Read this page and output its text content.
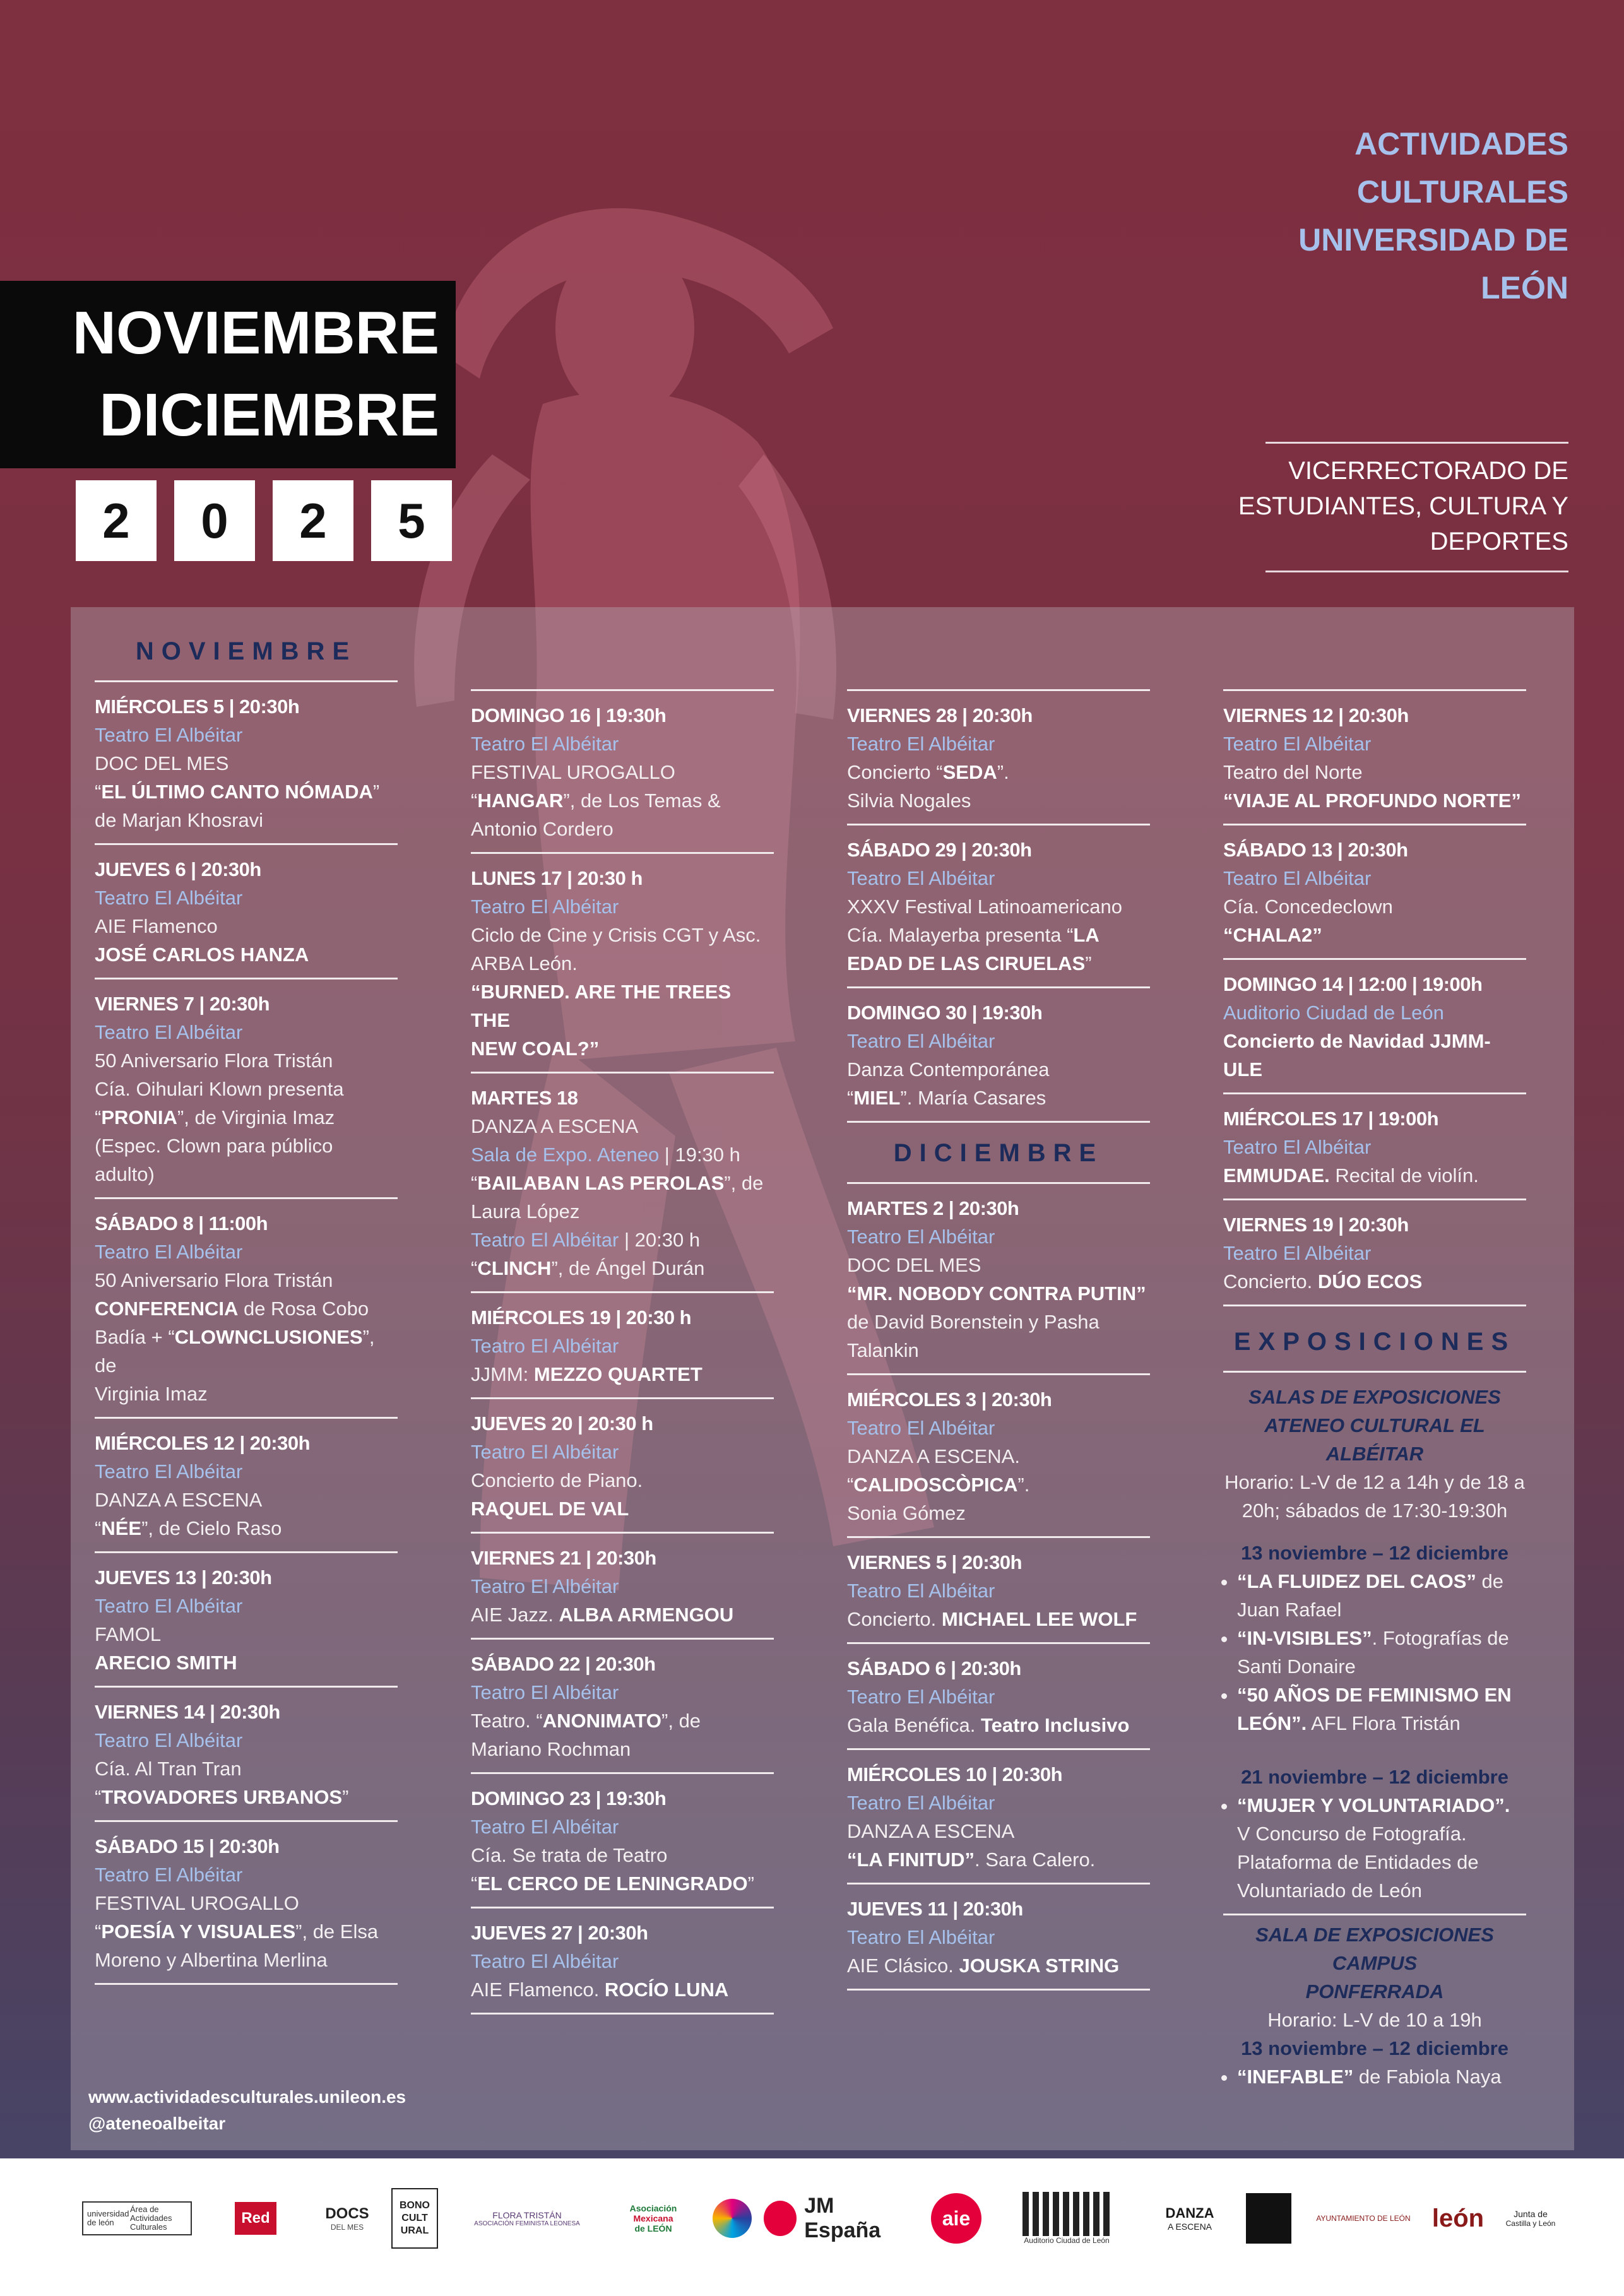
ACTIVIDADES
CULTURALES
UNIVERSIDAD DE
LEÓN
VICERRECTORADO DE
ESTUDIANTES, CULTURA Y
DEPORTES
NOVIEMBRE
DICIEMBRE
2	0	2	5
NOVIEMBRE
MIÉRCOLES 5 | 20:30h
Teatro El Albéitar
DOC DEL MES
“EL ÚLTIMO CANTO NÓMADA”
de Marjan Khosravi
JUEVES 6 | 20:30h
Teatro El Albéitar
AIE Flamenco
JOSÉ CARLOS HANZA
VIERNES 7 | 20:30h
Teatro El Albéitar
50 Aniversario Flora Tristán
Cía. Oihulari Klown presenta
“PRONIA”, de Virginia Imaz
(Espec. Clown para público
adulto)
SÁBADO 8 | 11:00h
Teatro El Albéitar
50 Aniversario Flora Tristán
CONFERENCIA de Rosa Cobo
Badía + “CLOWNCLUSIONES”, de
Virginia Imaz
MIÉRCOLES 12 | 20:30h
Teatro El Albéitar
DANZA A ESCENA
“NÉE”, de Cielo Raso
JUEVES 13 | 20:30h
Teatro El Albéitar
FAMOL
ARECIO SMITH
VIERNES 14 | 20:30h
Teatro El Albéitar
Cía. Al Tran Tran
“TROVADORES URBANOS”
SÁBADO 15 | 20:30h
Teatro El Albéitar
FESTIVAL UROGALLO
“POESÍA Y VISUALES”, de Elsa
Moreno y Albertina Merlina
DOMINGO 16 | 19:30h
Teatro El Albéitar
FESTIVAL UROGALLO
“HANGAR”, de Los Temas &
Antonio Cordero
LUNES 17 | 20:30 h
Teatro El Albéitar
Ciclo de Cine y Crisis CGT y Asc.
ARBA León.
“BURNED. ARE THE TREES THE
NEW COAL?”
MARTES 18
DANZA A ESCENA
Sala de Expo. Ateneo | 19:30 h
“BAILABAN LAS PEROLAS”, de
Laura López
Teatro El Albéitar | 20:30 h
“CLINCH”, de Ángel Durán
MIÉRCOLES 19 | 20:30 h
Teatro El Albéitar
JJMM: MEZZO QUARTET
JUEVES 20 | 20:30 h
Teatro El Albéitar
Concierto de Piano.
RAQUEL DE VAL
VIERNES 21 | 20:30h
Teatro El Albéitar
AIE Jazz. ALBA ARMENGOU
SÁBADO 22 | 20:30h
Teatro El Albéitar
Teatro. “ANONIMATO”, de
Mariano Rochman
DOMINGO 23 | 19:30h
Teatro El Albéitar
Cía. Se trata de Teatro
“EL CERCO DE LENINGRADO”
JUEVES 27 | 20:30h
Teatro El Albéitar
AIE Flamenco. ROCÍO LUNA
VIERNES 28 | 20:30h
Teatro El Albéitar
Concierto “SEDA”.
Silvia Nogales
SÁBADO 29 | 20:30h
Teatro El Albéitar
XXXV Festival Latinoamericano
Cía. Malayerba presenta “LA
EDAD DE LAS CIRUELAS”
DOMINGO 30 | 19:30h
Teatro El Albéitar
Danza Contemporánea
“MIEL”. María Casares
DICIEMBRE
MARTES 2 | 20:30h
Teatro El Albéitar
DOC DEL MES
“MR. NOBODY CONTRA PUTIN”
de David Borenstein y Pasha
Talankin
MIÉRCOLES 3 | 20:30h
Teatro El Albéitar
DANZA A ESCENA.
“CALIDOSCÒPICA”.
Sonia Gómez
VIERNES 5 | 20:30h
Teatro El Albéitar
Concierto. MICHAEL LEE WOLF
SÁBADO 6 | 20:30h
Teatro El Albéitar
Gala Benéfica. Teatro Inclusivo
MIÉRCOLES 10 | 20:30h
Teatro El Albéitar
DANZA A ESCENA
“LA FINITUD”. Sara Calero.
JUEVES 11 | 20:30h
Teatro El Albéitar
AIE Clásico. JOUSKA STRING
VIERNES 12 | 20:30h
Teatro El Albéitar
Teatro del Norte
“VIAJE AL PROFUNDO NORTE”
SÁBADO 13 | 20:30h
Teatro El Albéitar
Cía. Concedeclown
“CHALA2”
DOMINGO 14 | 12:00 | 19:00h
Auditorio Ciudad de León
Concierto de Navidad JJMM-ULE
MIÉRCOLES 17 | 19:00h
Teatro El Albéitar
EMMUDAE. Recital de violín.
VIERNES 19 | 20:30h
Teatro El Albéitar
Concierto. DÚO ECOS
EXPOSICIONES
SALAS DE EXPOSICIONES
ATENEO CULTURAL EL ALBÉITAR
Horario: L-V de 12 a 14h y de 18 a
20h; sábados de 17:30-19:30h
13 noviembre – 12 diciembre
• “LA FLUIDEZ DEL CAOS” de Juan Rafael
• “IN-VISIBLES”. Fotografías de Santi Donaire
• “50 AÑOS DE FEMINISMO EN LEÓN”. AFL Flora Tristán
21 noviembre – 12 diciembre
• “MUJER Y VOLUNTARIADO”. V Concurso de Fotografía. Plataforma de Entidades de Voluntariado de León
SALA DE EXPOSICIONES CAMPUS
PONFERRADA
Horario: L-V de 10 a 19h
13 noviembre – 12 diciembre
• “INEFABLE” de Fabiola Naya
www.actividadesculturales.unileon.es
@ateneoalbeitar
universidad de león
Área de Actividades Culturales
Red	DOCS
DEL MES
BONO
CULT
URAL
FLORA TRISTÁN
ASOCIACIÓN FEMINISTA LEONESA
Asociación
Mexicana
de LEÓN
JM España
aie
Auditorio Ciudad de León
DANZA
A ESCENA
AYUNTAMIENTO DE LEÓN león	Junta de
Castilla y León
